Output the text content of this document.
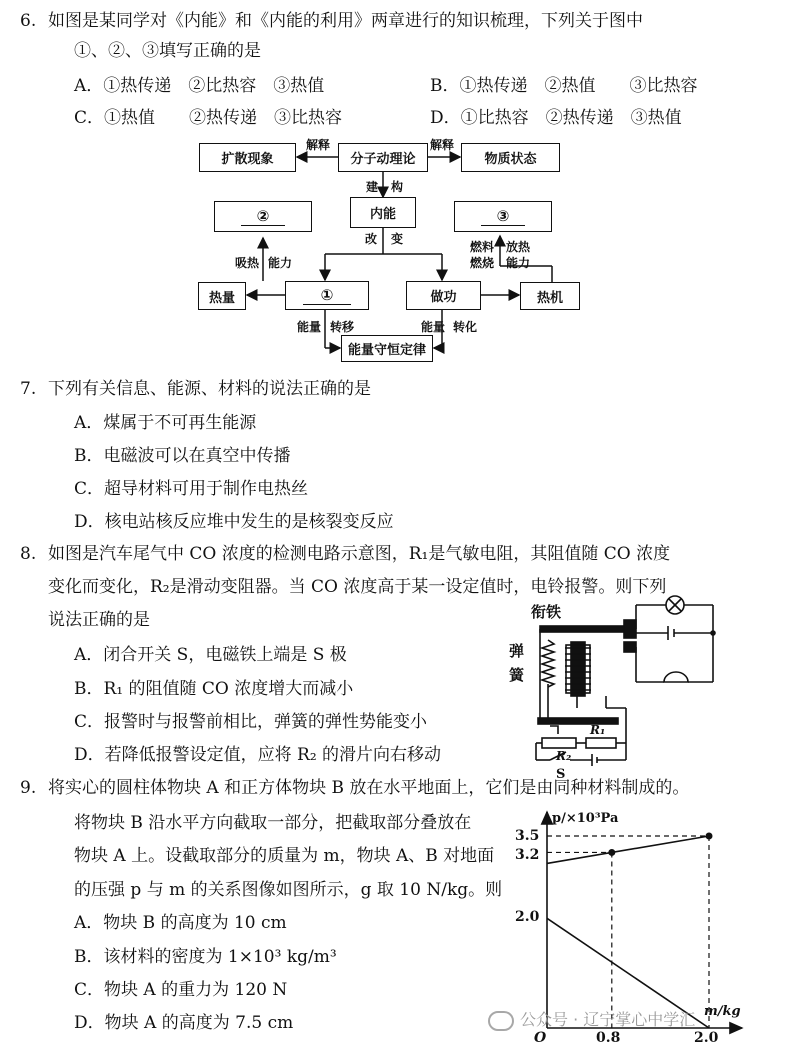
6. 如图是某同学对《内能》和《内能的利用》两章进行的知识梳理，下列关于图中
①、②、③填写正确的是
A．①热传递　②比热容　③热值	B．①热传递　②热值　　③比热容
C．①热值　　②热传递　③比热容	D．①比热容　②热传递　③热值
扩散现象	分子动理论	物质状态
解释	解释
建 构
②	内能	③
改 变
吸热 能力
燃料
燃烧
放热
能力
热量	①	做功	热机
能量 转移	能量 转化
能量守恒定律
7. 下列有关信息、能源、材料的说法正确的是
A．煤属于不可再生能源
B．电磁波可以在真空中传播
C．超导材料可用于制作电热丝
D．核电站核反应堆中发生的是核裂变反应
8. 如图是汽车尾气中 CO 浓度的检测电路示意图，R₁是气敏电阻，其阻值随 CO 浓度
变化而变化，R₂是滑动变阻器。当 CO 浓度高于某一设定值时，电铃报警。则下列
说法正确的是
A．闭合开关 S，电磁铁上端是 S 极
B．R₁ 的阻值随 CO 浓度增大而减小
C．报警时与报警前相比，弹簧的弹性势能变小
D．若降低报警设定值，应将 R₂ 的滑片向右移动
衔铁
弹
簧
R₂
R₁
S
9. 将实心的圆柱体物块 A 和正方体物块 B 放在水平地面上，它们是由同种材料制成的。
将物块 B 沿水平方向截取一部分，把截取部分叠放在
物块 A 上。设截取部分的质量为 m，物块 A、B 对地面
的压强 p 与 m 的关系图像如图所示，g 取 10 N/kg。则
A．物块 B 的高度为 10 cm
B．该材料的密度为 1×10³ kg/m³
C．物块 A 的重力为 120 N
D．物块 A 的高度为 7.5 cm
p/×10³Pa
m/kg
O
3.5
3.2
2.0
0.8	2.0
公众号 · 辽宁掌心中学汇
